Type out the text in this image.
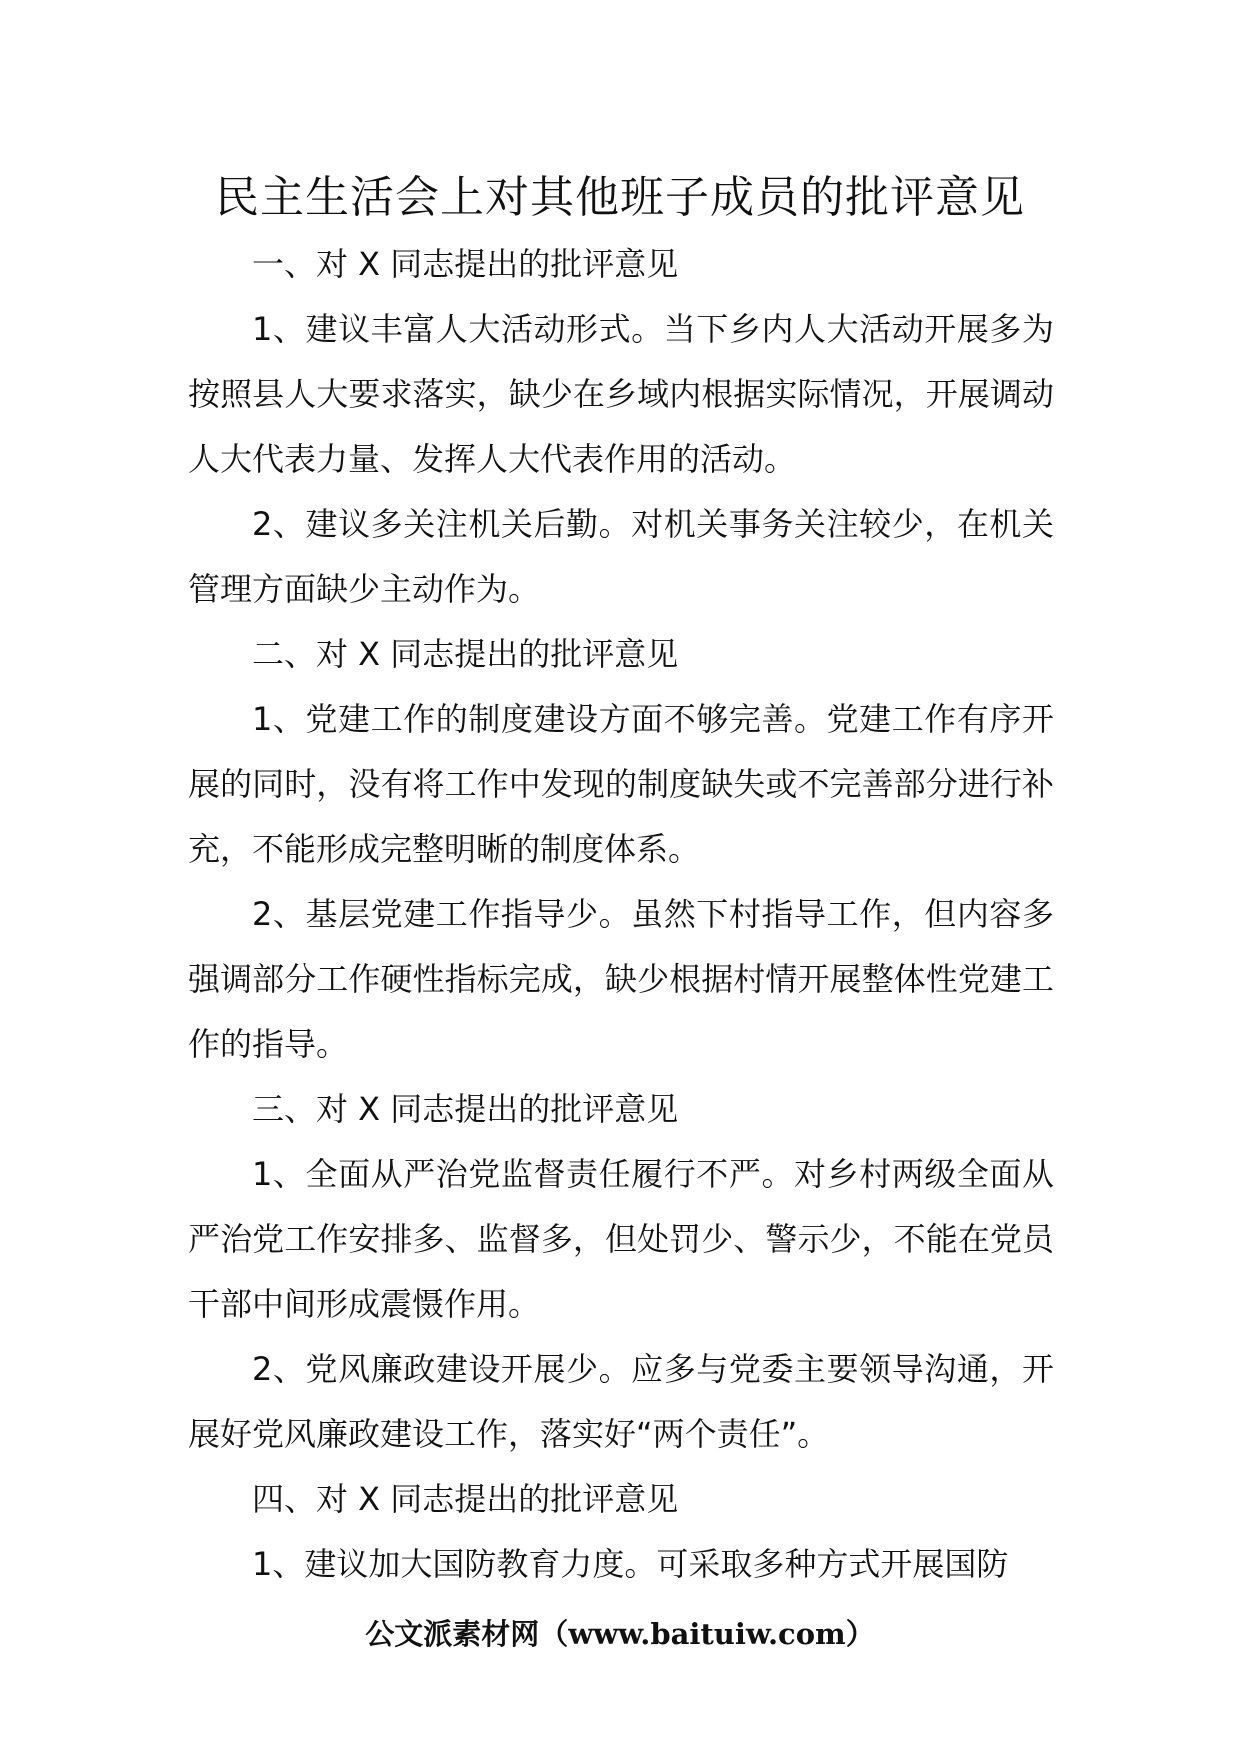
民主生活会上对其他班子成员的批评意见

一、对 X 同志提出的批评意见

1、建议丰富人大活动形式。当下乡内人大活动开展多为按照县人大要求落实，缺少在乡域内根据实际情况，开展调动人大代表力量、发挥人大代表作用的活动。

2、建议多关注机关后勤。对机关事务关注较少，在机关管理方面缺少主动作为。

二、对 X 同志提出的批评意见

1、党建工作的制度建设方面不够完善。党建工作有序开展的同时，没有将工作中发现的制度缺失或不完善部分进行补充，不能形成完整明晰的制度体系。

2、基层党建工作指导少。虽然下村指导工作，但内容多强调部分工作硬性指标完成，缺少根据村情开展整体性党建工作的指导。

三、对 X 同志提出的批评意见

1、全面从严治党监督责任履行不严。对乡村两级全面从严治党工作安排多、监督多，但处罚少、警示少，不能在党员干部中间形成震慑作用。

2、党风廉政建设开展少。应多与党委主要领导沟通，开展好党风廉政建设工作，落实好“两个责任”。

四、对 X 同志提出的批评意见

1、建议加大国防教育力度。可采取多种方式开展国防

公文派素材网（www.baituiw.com）
